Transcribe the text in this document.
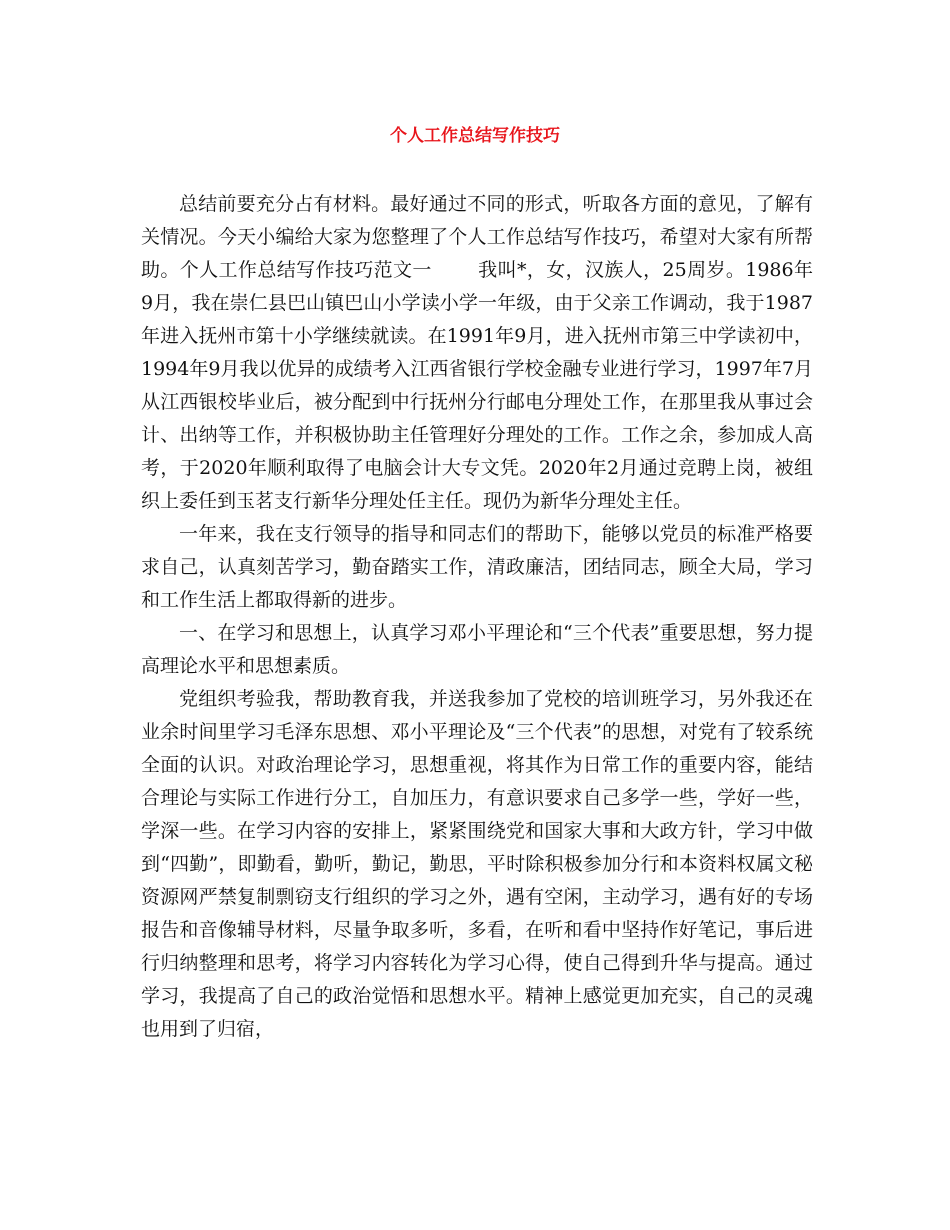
个人工作总结写作技巧

总结前要充分占有材料。最好通过不同的形式，听取各方面的意见，了解有关情况。今天小编给大家为您整理了个人工作总结写作技巧，希望对大家有所帮助。个人工作总结写作技巧范文一 我叫*，女，汉族人，25周岁。1986年9月，我在崇仁县巴山镇巴山小学读小学一年级，由于父亲工作调动，我于1987年进入抚州市第十小学继续就读。在1991年9月，进入抚州市第三中学读初中，1994年9月我以优异的成绩考入江西省银行学校金融专业进行学习，1997年7月从江西银校毕业后，被分配到中行抚州分行邮电分理处工作，在那里我从事过会计、出纳等工作，并积极协助主任管理好分理处的工作。工作之余，参加成人高考，于2020年顺利取得了电脑会计大专文凭。2020年2月通过竞聘上岗，被组织上委任到玉茗支行新华分理处任主任。现仍为新华分理处主任。

一年来，我在支行领导的指导和同志们的帮助下，能够以党员的标准严格要求自己，认真刻苦学习，勤奋踏实工作，清政廉洁，团结同志，顾全大局，学习和工作生活上都取得新的进步。

一、在学习和思想上，认真学习邓小平理论和“三个代表”重要思想，努力提高理论水平和思想素质。

党组织考验我，帮助教育我，并送我参加了党校的培训班学习，另外我还在业余时间里学习毛泽东思想、邓小平理论及“三个代表”的思想，对党有了较系统全面的认识。对政治理论学习，思想重视，将其作为日常工作的重要内容，能结合理论与实际工作进行分工，自加压力，有意识要求自己多学一些，学好一些，学深一些。在学习内容的安排上，紧紧围绕党和国家大事和大政方针，学习中做到“四勤”，即勤看，勤听，勤记，勤思，平时除积极参加分行和本资料权属文秘资源网严禁复制剽窃支行组织的学习之外，遇有空闲，主动学习，遇有好的专场报告和音像辅导材料，尽量争取多听，多看，在听和看中坚持作好笔记，事后进行归纳整理和思考，将学习内容转化为学习心得，使自己得到升华与提高。通过学习，我提高了自己的政治觉悟和思想水平。精神上感觉更加充实，自己的灵魂也用到了归宿，
